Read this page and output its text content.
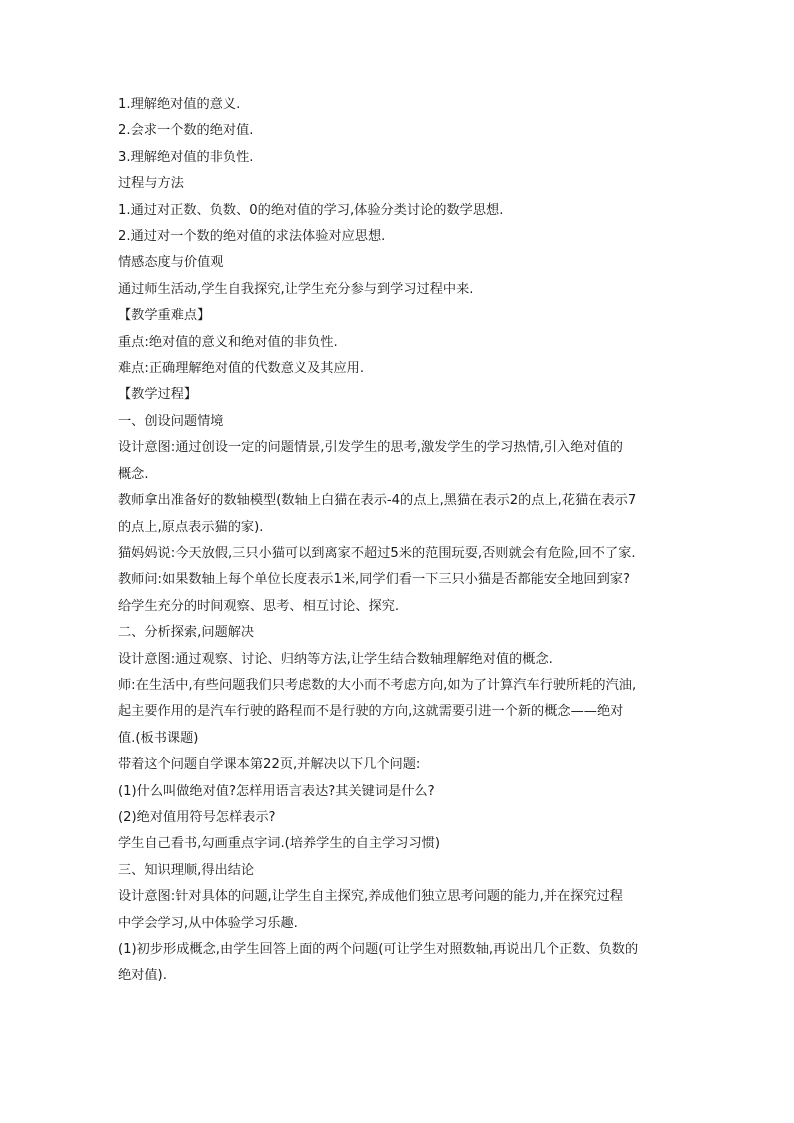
1.理解绝对值的意义.

2.会求一个数的绝对值.

3.理解绝对值的非负性.

过程与方法

1.通过对正数、负数、0的绝对值的学习,体验分类讨论的数学思想.

2.通过对一个数的绝对值的求法体验对应思想.

情感态度与价值观

通过师生活动,学生自我探究,让学生充分参与到学习过程中来.

【教学重难点】

重点:绝对值的意义和绝对值的非负性.

难点:正确理解绝对值的代数意义及其应用.

【教学过程】

一、创设问题情境

设计意图:通过创设一定的问题情景,引发学生的思考,激发学生的学习热情,引入绝对值的

概念.

教师拿出准备好的数轴模型(数轴上白猫在表示-4的点上,黑猫在表示2的点上,花猫在表示7

的点上,原点表示猫的家).

猫妈妈说:今天放假,三只小猫可以到离家不超过5米的范围玩耍,否则就会有危险,回不了家.

教师问:如果数轴上每个单位长度表示1米,同学们看一下三只小猫是否都能安全地回到家?

给学生充分的时间观察、思考、相互讨论、探究.

二、分析探索,问题解决

设计意图:通过观察、讨论、归纳等方法,让学生结合数轴理解绝对值的概念.

师:在生活中,有些问题我们只考虑数的大小而不考虑方向,如为了计算汽车行驶所耗的汽油,

起主要作用的是汽车行驶的路程而不是行驶的方向,这就需要引进一个新的概念——绝对

值.(板书课题)

带着这个问题自学课本第22页,并解决以下几个问题:

(1)什么叫做绝对值?怎样用语言表达?其关键词是什么?

(2)绝对值用符号怎样表示?

学生自己看书,勾画重点字词.(培养学生的自主学习习惯)

三、知识理顺,得出结论

设计意图:针对具体的问题,让学生自主探究,养成他们独立思考问题的能力,并在探究过程

中学会学习,从中体验学习乐趣.

(1)初步形成概念,由学生回答上面的两个问题(可让学生对照数轴,再说出几个正数、负数的

绝对值).
